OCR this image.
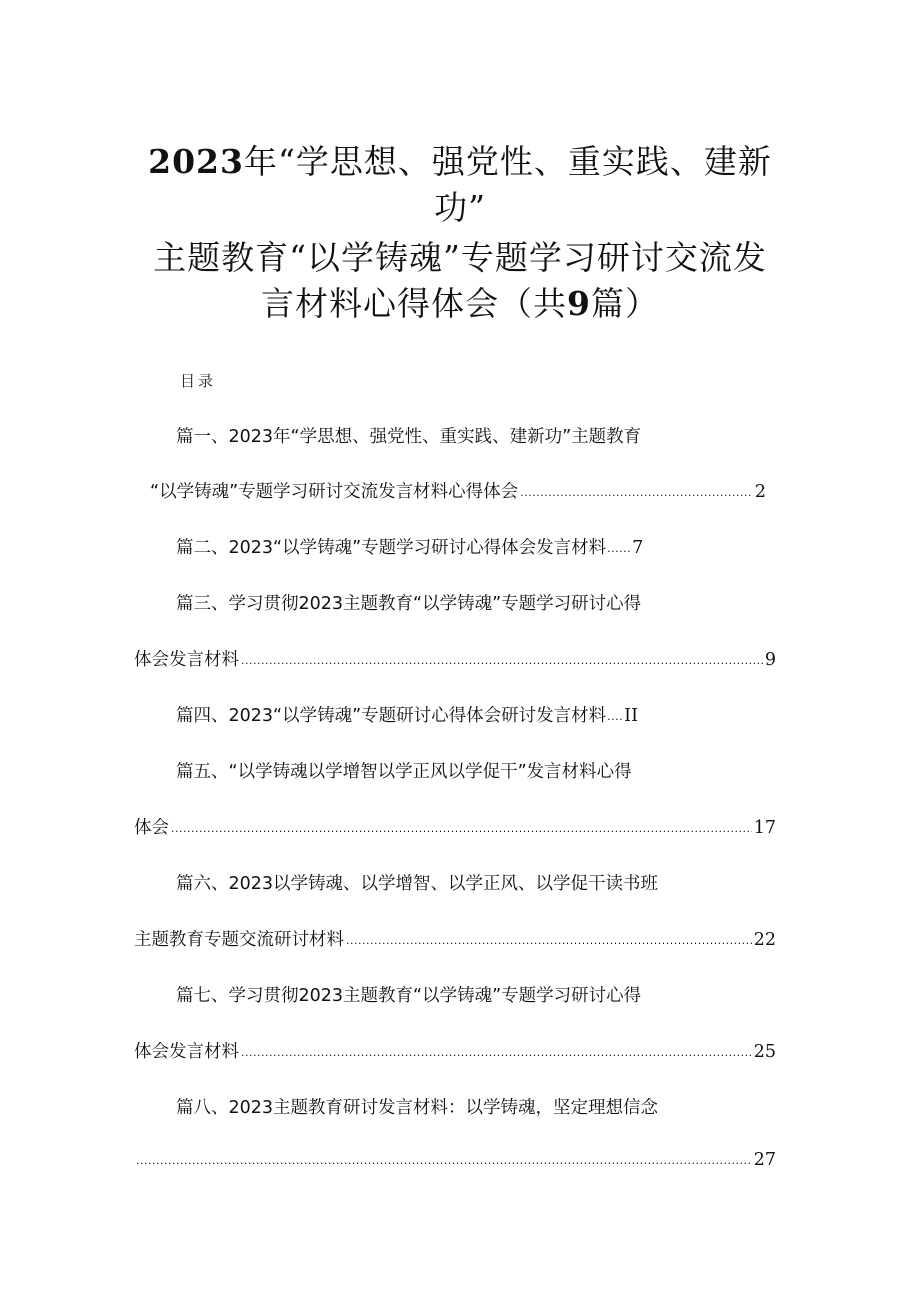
2023年“学思想、强党性、重实践、建新
功”
主题教育“以学铸魂”专题学习研讨交流发
言材料心得体会（共9篇）
目录
篇一、2023年“学思想、强党性、重实践、建新功”主题教育
“以学铸魂”专题学习研讨交流发言材料心得体会 .....	2
篇二、2023“以学铸魂”专题学习研讨心得体会发言材料 ...... 7
篇三、学习贯彻2023主题教育“以学铸魂”专题学习研讨心得
体会发言材料 .....	9
篇四、2023“以学铸魂”专题研讨心得体会研讨发言材料 .... II
篇五、“以学铸魂以学增智以学正风以学促干”发言材料心得
体会 .....	17
篇六、2023以学铸魂、以学增智、以学正风、以学促干读书班
主题教育专题交流研讨材料 .....	22
篇七、学习贯彻2023主题教育“以学铸魂”专题学习研讨心得
体会发言材料 .....	25
篇八、2023主题教育研讨发言材料：以学铸魂，坚定理想信念
.....
27
